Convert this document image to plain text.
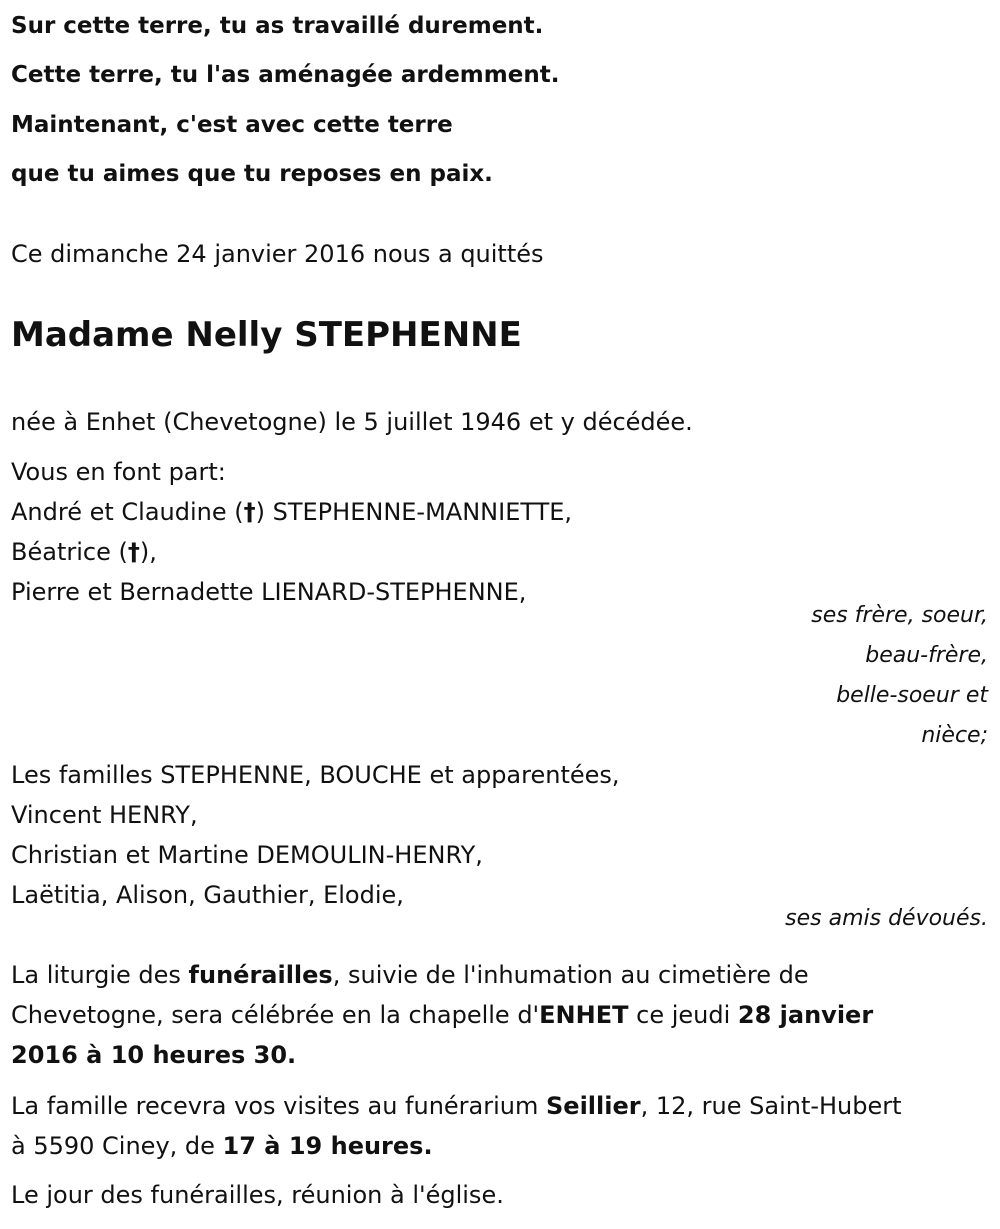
Sur cette terre, tu as travaillé durement.
Cette terre, tu l'as aménagée ardemment.
Maintenant, c'est avec cette terre
que tu aimes que tu reposes en paix.
Ce dimanche 24 janvier 2016 nous a quittés
Madame Nelly STEPHENNE
née à Enhet (Chevetogne) le 5 juillet 1946 et y décédée.
Vous en font part:
André et Claudine (†) STEPHENNE-MANNIETTE,
Béatrice (†),
Pierre et Bernadette LIENARD-STEPHENNE,
ses frère, soeur,
beau-frère,
belle-soeur et
nièce;
Les familles STEPHENNE, BOUCHE et apparentées,
Vincent HENRY,
Christian et Martine DEMOULIN-HENRY,
Laëtitia, Alison, Gauthier, Elodie,
ses amis dévoués.
La liturgie des funérailles, suivie de l'inhumation au cimetière de
Chevetogne, sera célébrée en la chapelle d'ENHET ce jeudi 28 janvier
2016 à 10 heures 30.
La famille recevra vos visites au funérarium Seillier, 12, rue Saint-Hubert
à 5590 Ciney, de 17 à 19 heures.
Le jour des funérailles, réunion à l'église.
